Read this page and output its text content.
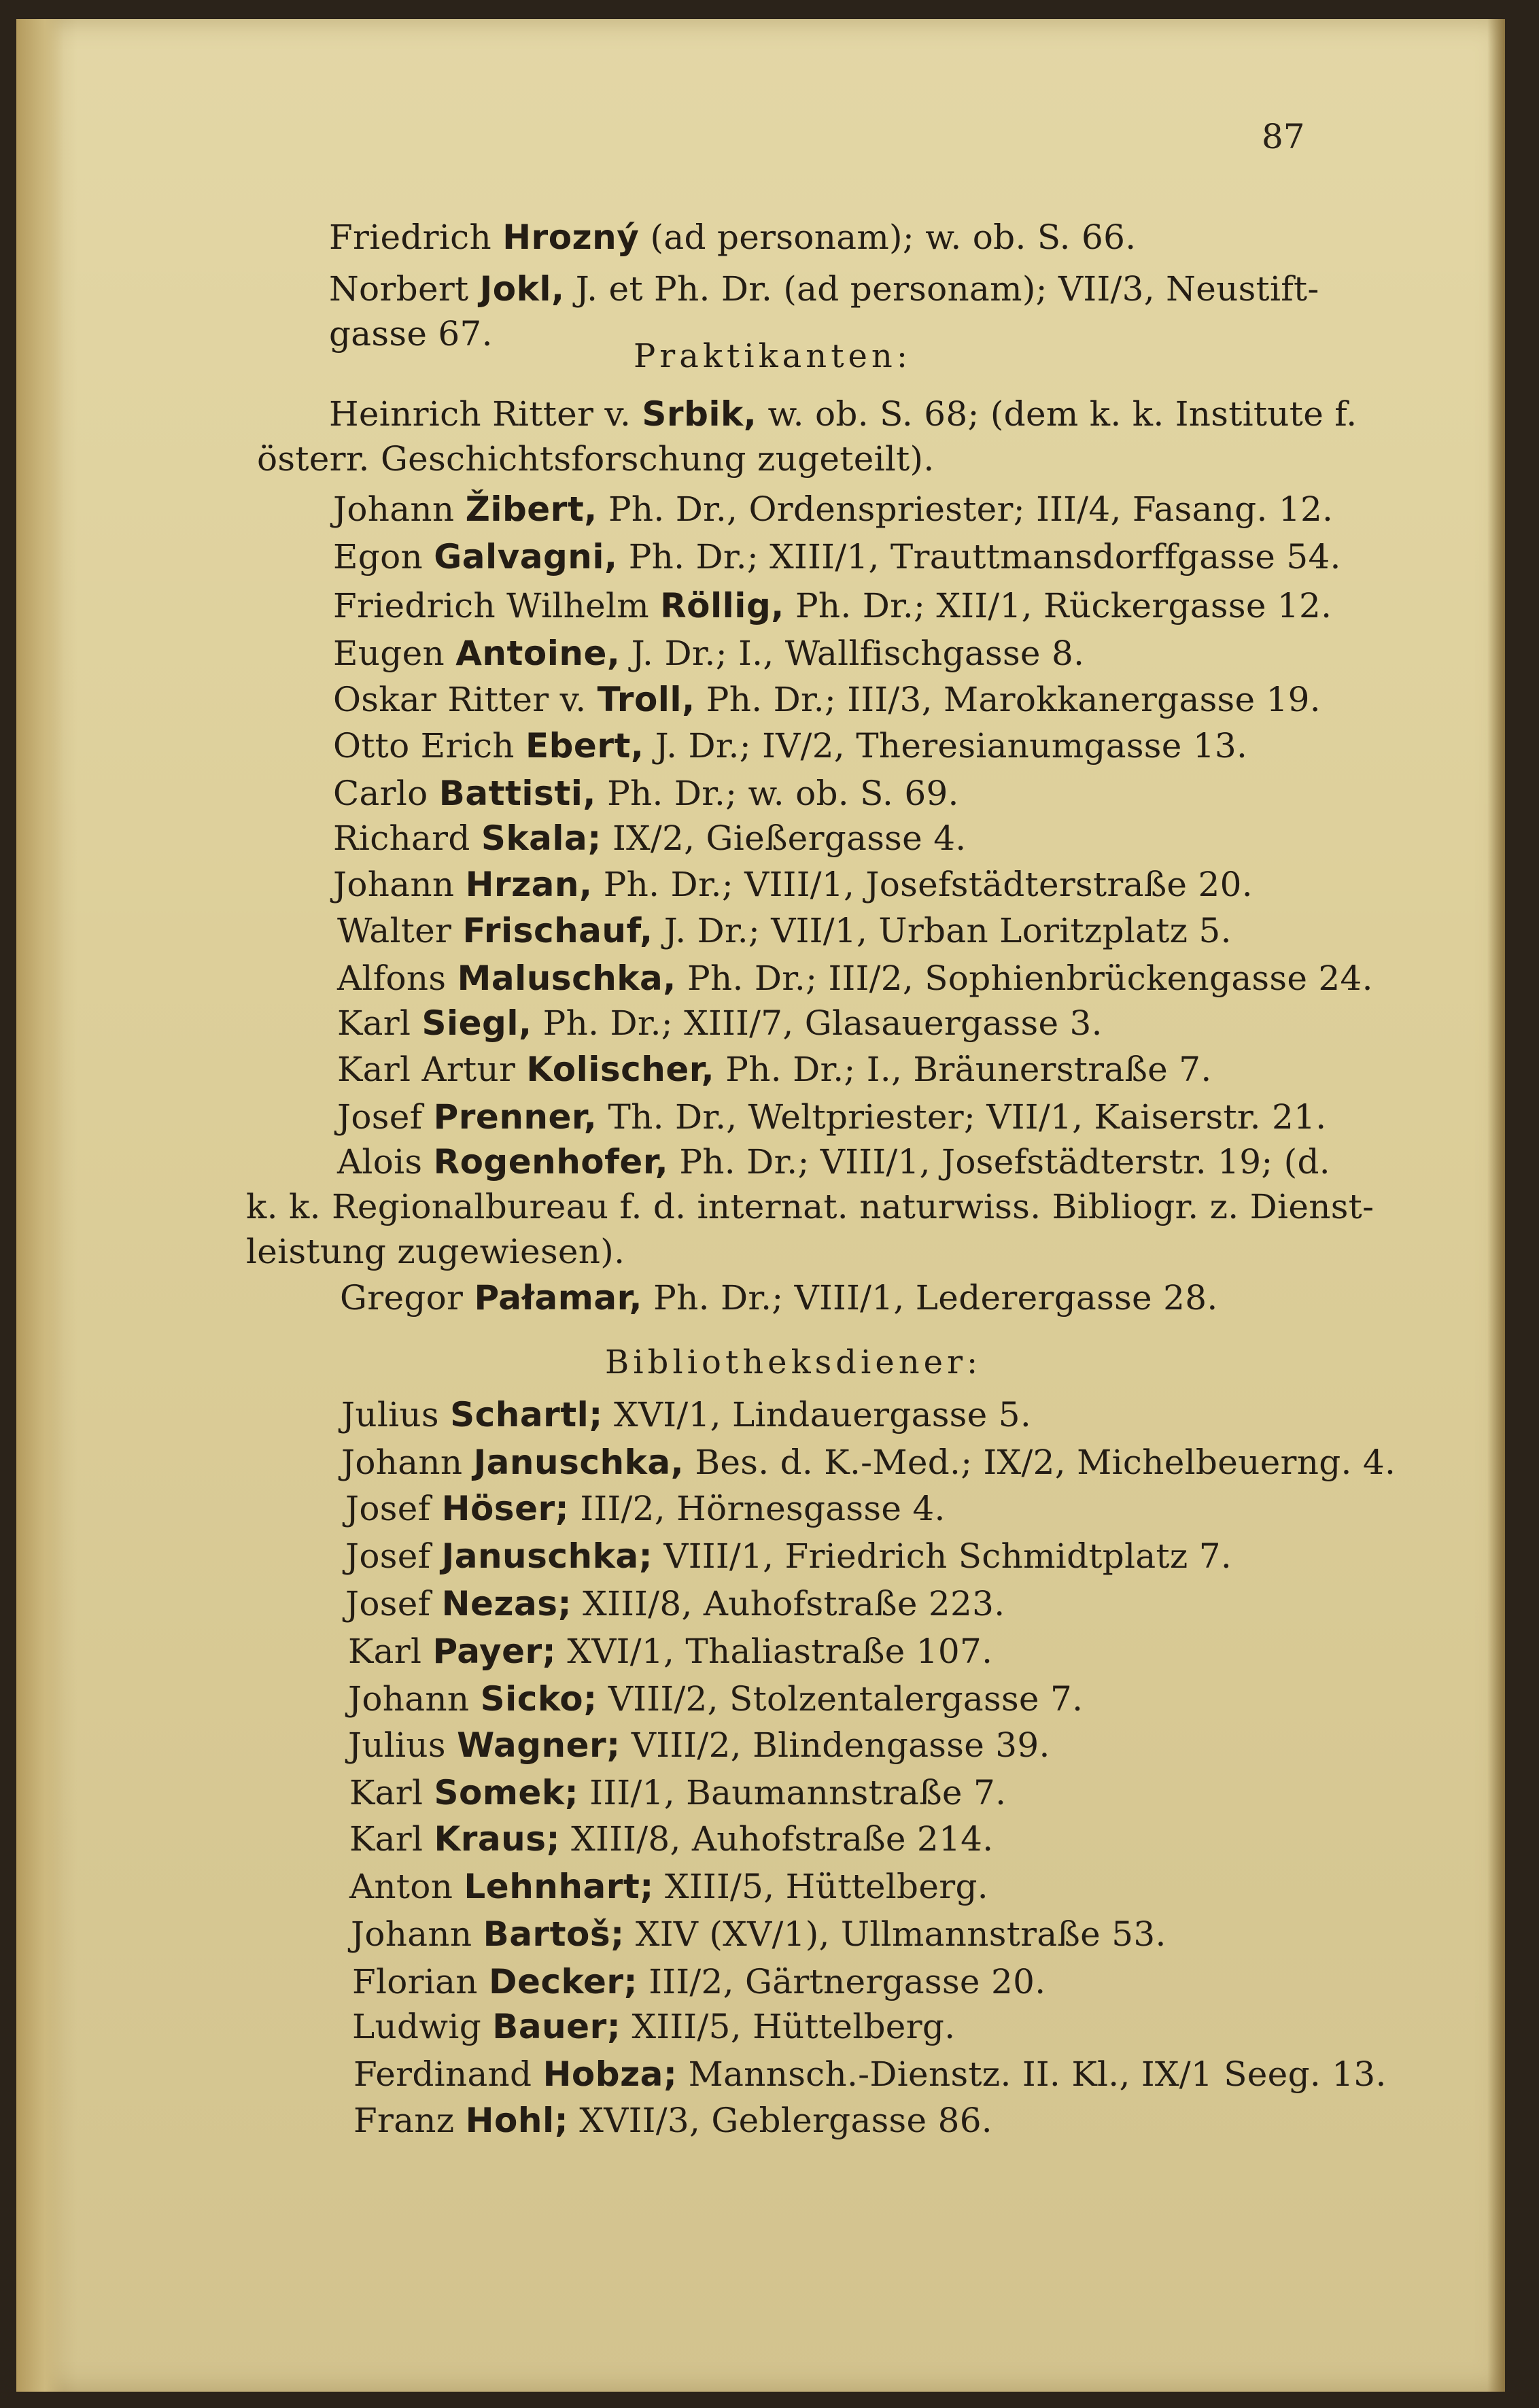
87
Friedrich Hrozný (ad personam); w. ob. S. 66.
Norbert Jokl, J. et Ph. Dr. (ad personam); VII/3, Neustift-
gasse 67.
Praktikanten:
Heinrich Ritter v. Srbik, w. ob. S. 68; (dem k. k. Institute f.
österr. Geschichtsforschung zugeteilt).
Johann Žibert, Ph. Dr., Ordenspriester; III/4, Fasang. 12.
Egon Galvagni, Ph. Dr.; XIII/1, Trauttmansdorffgasse 54.
Friedrich Wilhelm Röllig, Ph. Dr.; XII/1, Rückergasse 12.
Eugen Antoine, J. Dr.; I., Wallfischgasse 8.
Oskar Ritter v. Troll, Ph. Dr.; III/3, Marokkanergasse 19.
Otto Erich Ebert, J. Dr.; IV/2, Theresianumgasse 13.
Carlo Battisti, Ph. Dr.; w. ob. S. 69.
Richard Skala; IX/2, Gießergasse 4.
Johann Hrzan, Ph. Dr.; VIII/1, Josefstädterstraße 20.
Walter Frischauf, J. Dr.; VII/1, Urban Loritzplatz 5.
Alfons Maluschka, Ph. Dr.; III/2, Sophienbrückengasse 24.
Karl Siegl, Ph. Dr.; XIII/7, Glasauergasse 3.
Karl Artur Kolischer, Ph. Dr.; I., Bräunerstraße 7.
Josef Prenner, Th. Dr., Weltpriester; VII/1, Kaiserstr. 21.
Alois Rogenhofer, Ph. Dr.; VIII/1, Josefstädterstr. 19; (d.
k. k. Regionalbureau f. d. internat. naturwiss. Bibliogr. z. Dienst-
leistung zugewiesen).
Gregor Pałamar, Ph. Dr.; VIII/1, Lederergasse 28.
Bibliotheksdiener:
Julius Schartl; XVI/1, Lindauergasse 5.
Johann Januschka, Bes. d. K.-Med.; IX/2, Michelbeuerng. 4.
Josef Höser; III/2, Hörnesgasse 4.
Josef Januschka; VIII/1, Friedrich Schmidtplatz 7.
Josef Nezas; XIII/8, Auhofstraße 223.
Karl Payer; XVI/1, Thaliastraße 107.
Johann Sicko; VIII/2, Stolzentalergasse 7.
Julius Wagner; VIII/2, Blindengasse 39.
Karl Somek; III/1, Baumannstraße 7.
Karl Kraus; XIII/8, Auhofstraße 214.
Anton Lehnhart; XIII/5, Hüttelberg.
Johann Bartoš; XIV (XV/1), Ullmannstraße 53.
Florian Decker; III/2, Gärtnergasse 20.
Ludwig Bauer; XIII/5, Hüttelberg.
Ferdinand Hobza; Mannsch.-Dienstz. II. Kl., IX/1 Seeg. 13.
Franz Hohl; XVII/3, Geblergasse 86.
